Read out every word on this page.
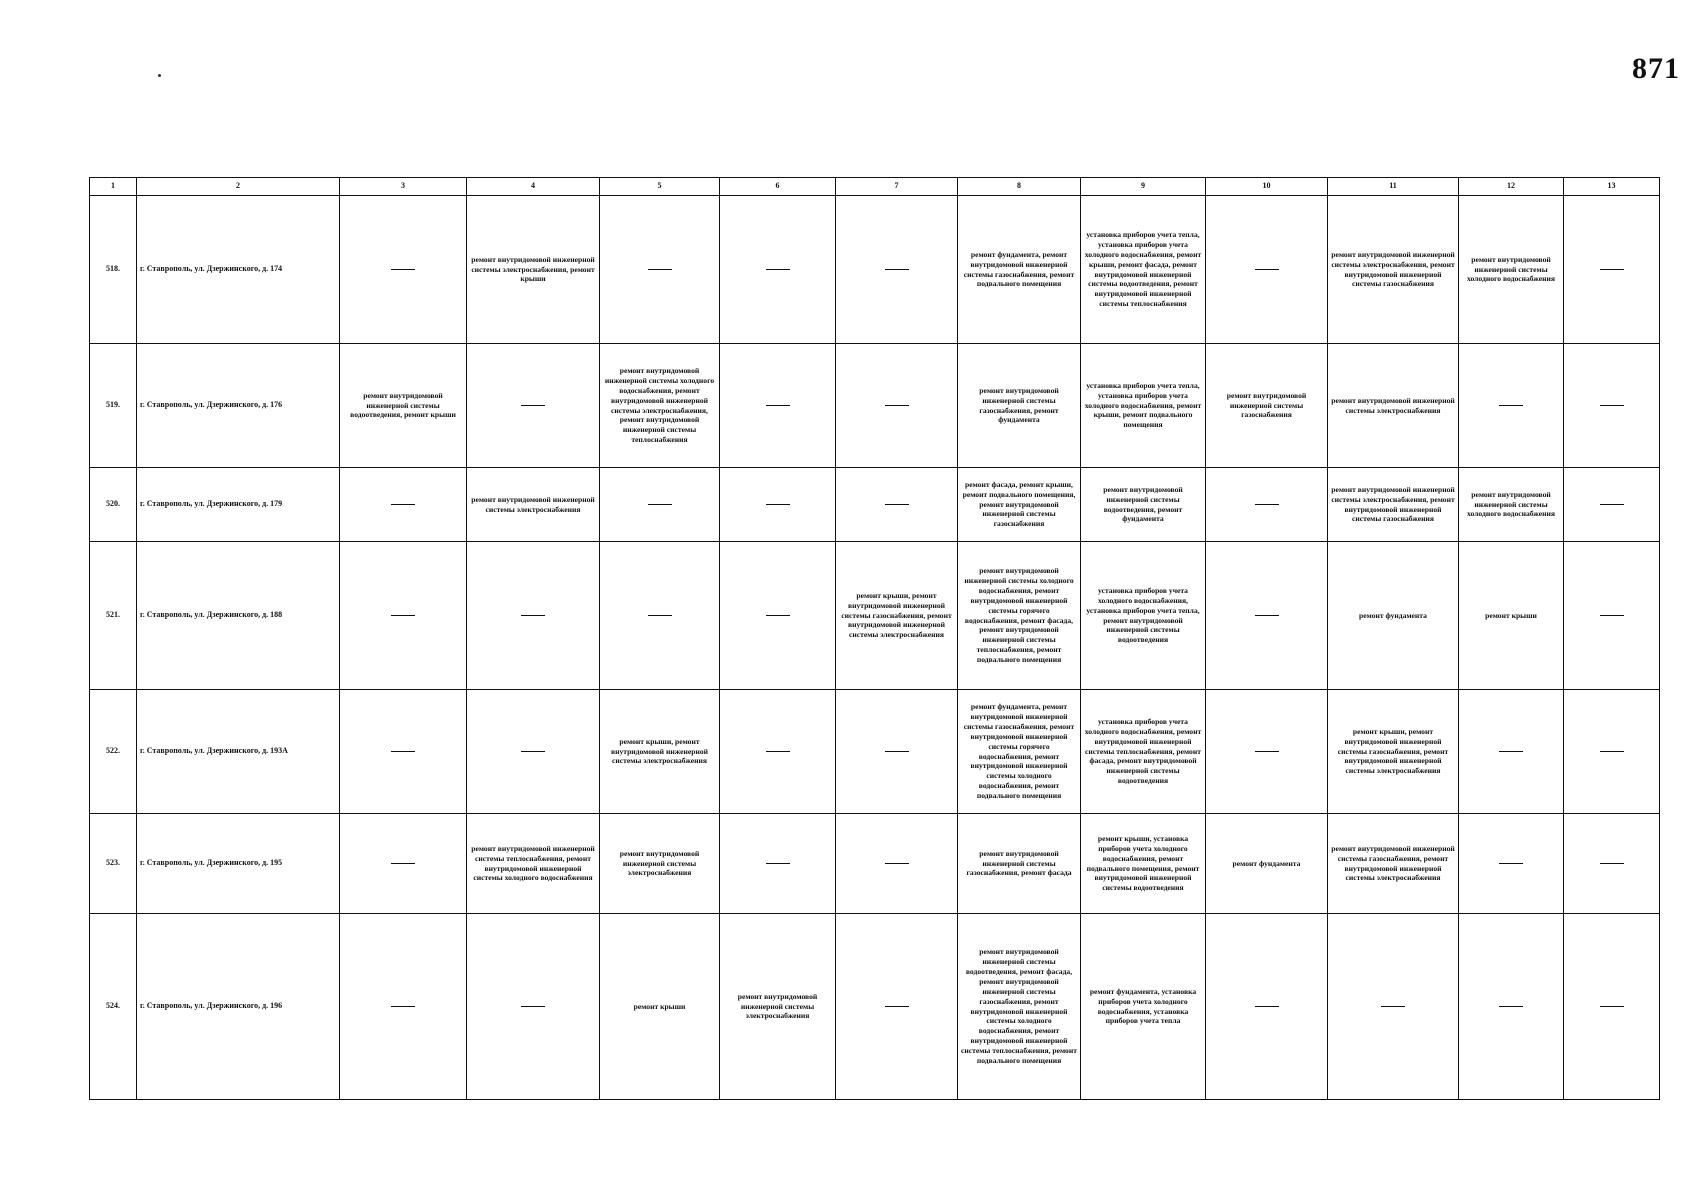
871
1	2	3	4	5	6	7	8	9	10	11	12	13
518.	г. Ставрополь, ул. Дзержинского, д. 174		ремонт внутридомовой инженерной системы электроснабжения, ремонт крыши				ремонт фундамента, ремонт внутридомовой инженерной системы газоснабжения, ремонт подвального помещения	установка приборов учета тепла, установка приборов учета холодного водоснабжения, ремонт крыши, ремонт фасада, ремонт внутридомовой инженерной системы водоотведения, ремонт внутридомовой инженерной системы теплоснабжения		ремонт внутридомовой инженерной системы электроснабжения, ремонт внутридомовой инженерной системы газоснабжения	ремонт внутридомовой инженерной системы холодного водоснабжения	
519.	г. Ставрополь, ул. Дзержинского, д. 176	ремонт внутридомовой инженерной системы водоотведения, ремонт крыши		ремонт внутридомовой инженерной системы холодного водоснабжения, ремонт внутридомовой инженерной системы электроснабжения, ремонт внутридомовой инженерной системы теплоснабжения			ремонт внутридомовой инженерной системы газоснабжения, ремонт фундамента	установка приборов учета тепла, установка приборов учета холодного водоснабжения, ремонт крыши, ремонт подвального помещения	ремонт внутридомовой инженерной системы газоснабжения	ремонт внутридомовой инженерной системы электроснабжения		
520.	г. Ставрополь, ул. Дзержинского, д. 179		ремонт внутридомовой инженерной системы электроснабжения				ремонт фасада, ремонт крыши, ремонт подвального помещения, ремонт внутридомовой инженерной системы газоснабжения	ремонт внутридомовой инженерной системы водоотведения, ремонт фундамента		ремонт внутридомовой инженерной системы электроснабжения, ремонт внутридомовой инженерной системы газоснабжения	ремонт внутридомовой инженерной системы холодного водоснабжения	
521.	г. Ставрополь, ул. Дзержинского, д. 188					ремонт крыши, ремонт внутридомовой инженерной системы газоснабжения, ремонт внутридомовой инженерной системы электроснабжения	ремонт внутридомовой инженерной системы холодного водоснабжения, ремонт внутридомовой инженерной системы горячего водоснабжения, ремонт фасада, ремонт внутридомовой инженерной системы теплоснабжения, ремонт подвального помещения	установка приборов учета холодного водоснабжения, установка приборов учета тепла, ремонт внутридомовой инженерной системы водоотведения		ремонт фундамента	ремонт крыши	
522.	г. Ставрополь, ул. Дзержинского, д. 193А			ремонт крыши, ремонт внутридомовой инженерной системы электроснабжения			ремонт фундамента, ремонт внутридомовой инженерной системы газоснабжения, ремонт внутридомовой инженерной системы горячего водоснабжения, ремонт внутридомовой инженерной системы холодного водоснабжения, ремонт подвального помещения	установка приборов учета холодного водоснабжения, ремонт внутридомовой инженерной системы теплоснабжения, ремонт фасада, ремонт внутридомовой инженерной системы водоотведения		ремонт крыши, ремонт внутридомовой инженерной системы газоснабжения, ремонт внутридомовой инженерной системы электроснабжения		
523.	г. Ставрополь, ул. Дзержинского, д. 195		ремонт внутридомовой инженерной системы теплоснабжения, ремонт внутридомовой инженерной системы холодного водоснабжения	ремонт внутридомовой инженерной системы электроснабжения			ремонт внутридомовой инженерной системы газоснабжения, ремонт фасада	ремонт крыши, установка приборов учета холодного водоснабжения, ремонт подвального помещения, ремонт внутридомовой инженерной системы водоотведения	ремонт фундамента	ремонт внутридомовой инженерной системы газоснабжения, ремонт внутридомовой инженерной системы электроснабжения		
524.	г. Ставрополь, ул. Дзержинского, д. 196			ремонт крыши	ремонт внутридомовой инженерной системы электроснабжения		ремонт внутридомовой инженерной системы водоотведения, ремонт фасада, ремонт внутридомовой инженерной системы газоснабжения, ремонт внутридомовой инженерной системы холодного водоснабжения, ремонт внутридомовой инженерной системы теплоснабжения, ремонт подвального помещения	ремонт фундамента, установка приборов учета холодного водоснабжения, установка приборов учета тепла				
